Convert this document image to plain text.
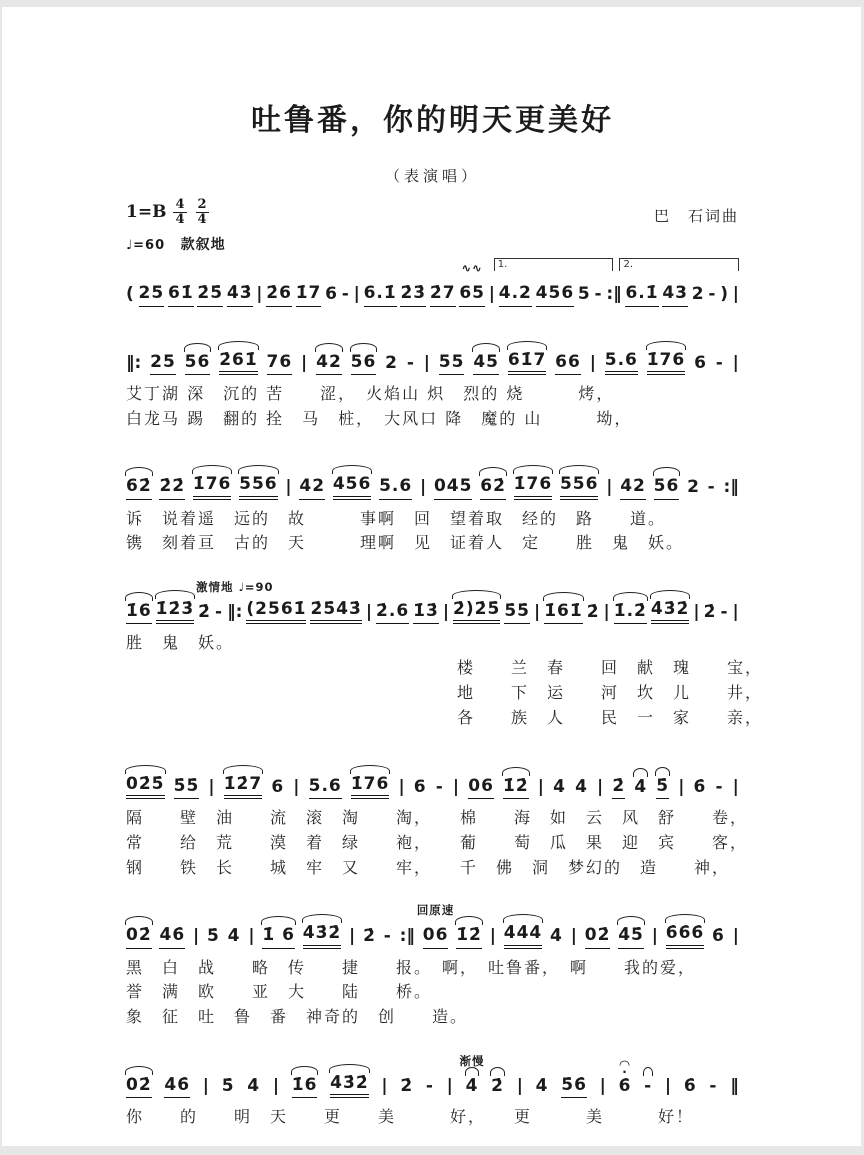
吐鲁番，你的明天更美好
（表演唱）
$1=B \frac{4}{4} \frac{2}{4}$	巴　石词曲
♩=60 款叙地
1.	2.
( 25 61̇ 2̇5̇ 4̇3̇ | 2̇6 1̇7 6 - | 6.1̇ 2̇3̇ 2̇7 65
∿∿
| 4.2 456 5 - :‖ 6.1̇ 43 2 - ) |
‖: 25 56 2̇61̇ 76 | 42 56 2 - | 55 45 61̇7 66 | 5.6 1̇76 6 - |
艾丁湖 深　沉的 苦　　涩，　火焰山 炽　烈的 烧　　　烤，
白龙马 踢　翻的 拴　马　桩，　大风口 降　魔的 山　　　坳，
62̇ 2̇2̇ 1̇76 556 | 42 456 5.6 | 045 62̇ 1̇76 556 | 42 56 2 - :‖
诉　说着遥　远的　故　　　事啊　回　望着取　经的　路　　道。
镌　刻着亘　古的　天　　　理啊　见　证着人　定　　胜　鬼　妖。
1̇6 1̇2̇3̇ 2̇ - ‖:
激情地 ♩=90
(2561̇ 2̇5̇4̇3̇ | 2̇.6 1̇3̇ | 2̇)2̇5̇ 5̇5̇ | 1̇61̇ 2̇ | 1̇.2̇ 4̇3̇2̇ | 2̇ - |
胜　鬼　妖。
楼　　兰　春　　回　献　瑰　　宝，
地　　下　运　　河　坎　儿　　井，
各　　族　人　　民　一　家　　亲，
02̇5̇ 5̇5̇ | 1̇2̇7 6 | 5.6 1̇76 | 6 - | 06 1̇2̇ | 4̇ 4̇ | 2̇ 4̇ 5̇ | 6̇ - |
隔　　壁　油　　流　滚　淘　　淘，　　棉　　海　如　云　风　舒　　卷，
常　　给　荒　　漠　着　绿　　袍，　　葡　　萄　瓜　果　迎　宾　　客，
钢　　铁　长　　城　牢　又　　牢，　　千　佛　洞　梦幻的　造　　神，
02̇ 4̇6̇ | 5̇ 4̇ | 1̇ 6 4̇3̇2̇ | 2̇ - :‖ 06
回原速
1̇2̇ | 4̇4̇4̇ 4̇ | 02̇ 4̇5̇ | 6̇6̇6̇ 6̇ |
黑　白　战　　略　传　　捷　　报。　啊，　吐鲁番，　啊　　我的爱，
誉　满　欧　　亚　大　　陆　　桥。
象　征　吐　鲁　番　神奇的　创　　造。
02̇ 4̇6̇ | 5̇ 4̇ | 1̇6 4̇3̇2̇ | 2̇ - | 4̇
渐慢
2̇ | 4̇ 5̇6̇ | 6̇
◠ ·
- | 6̇ - ‖
你　　的　　明　天　　更　　美　　　好，　　更　　　美　　　好！
